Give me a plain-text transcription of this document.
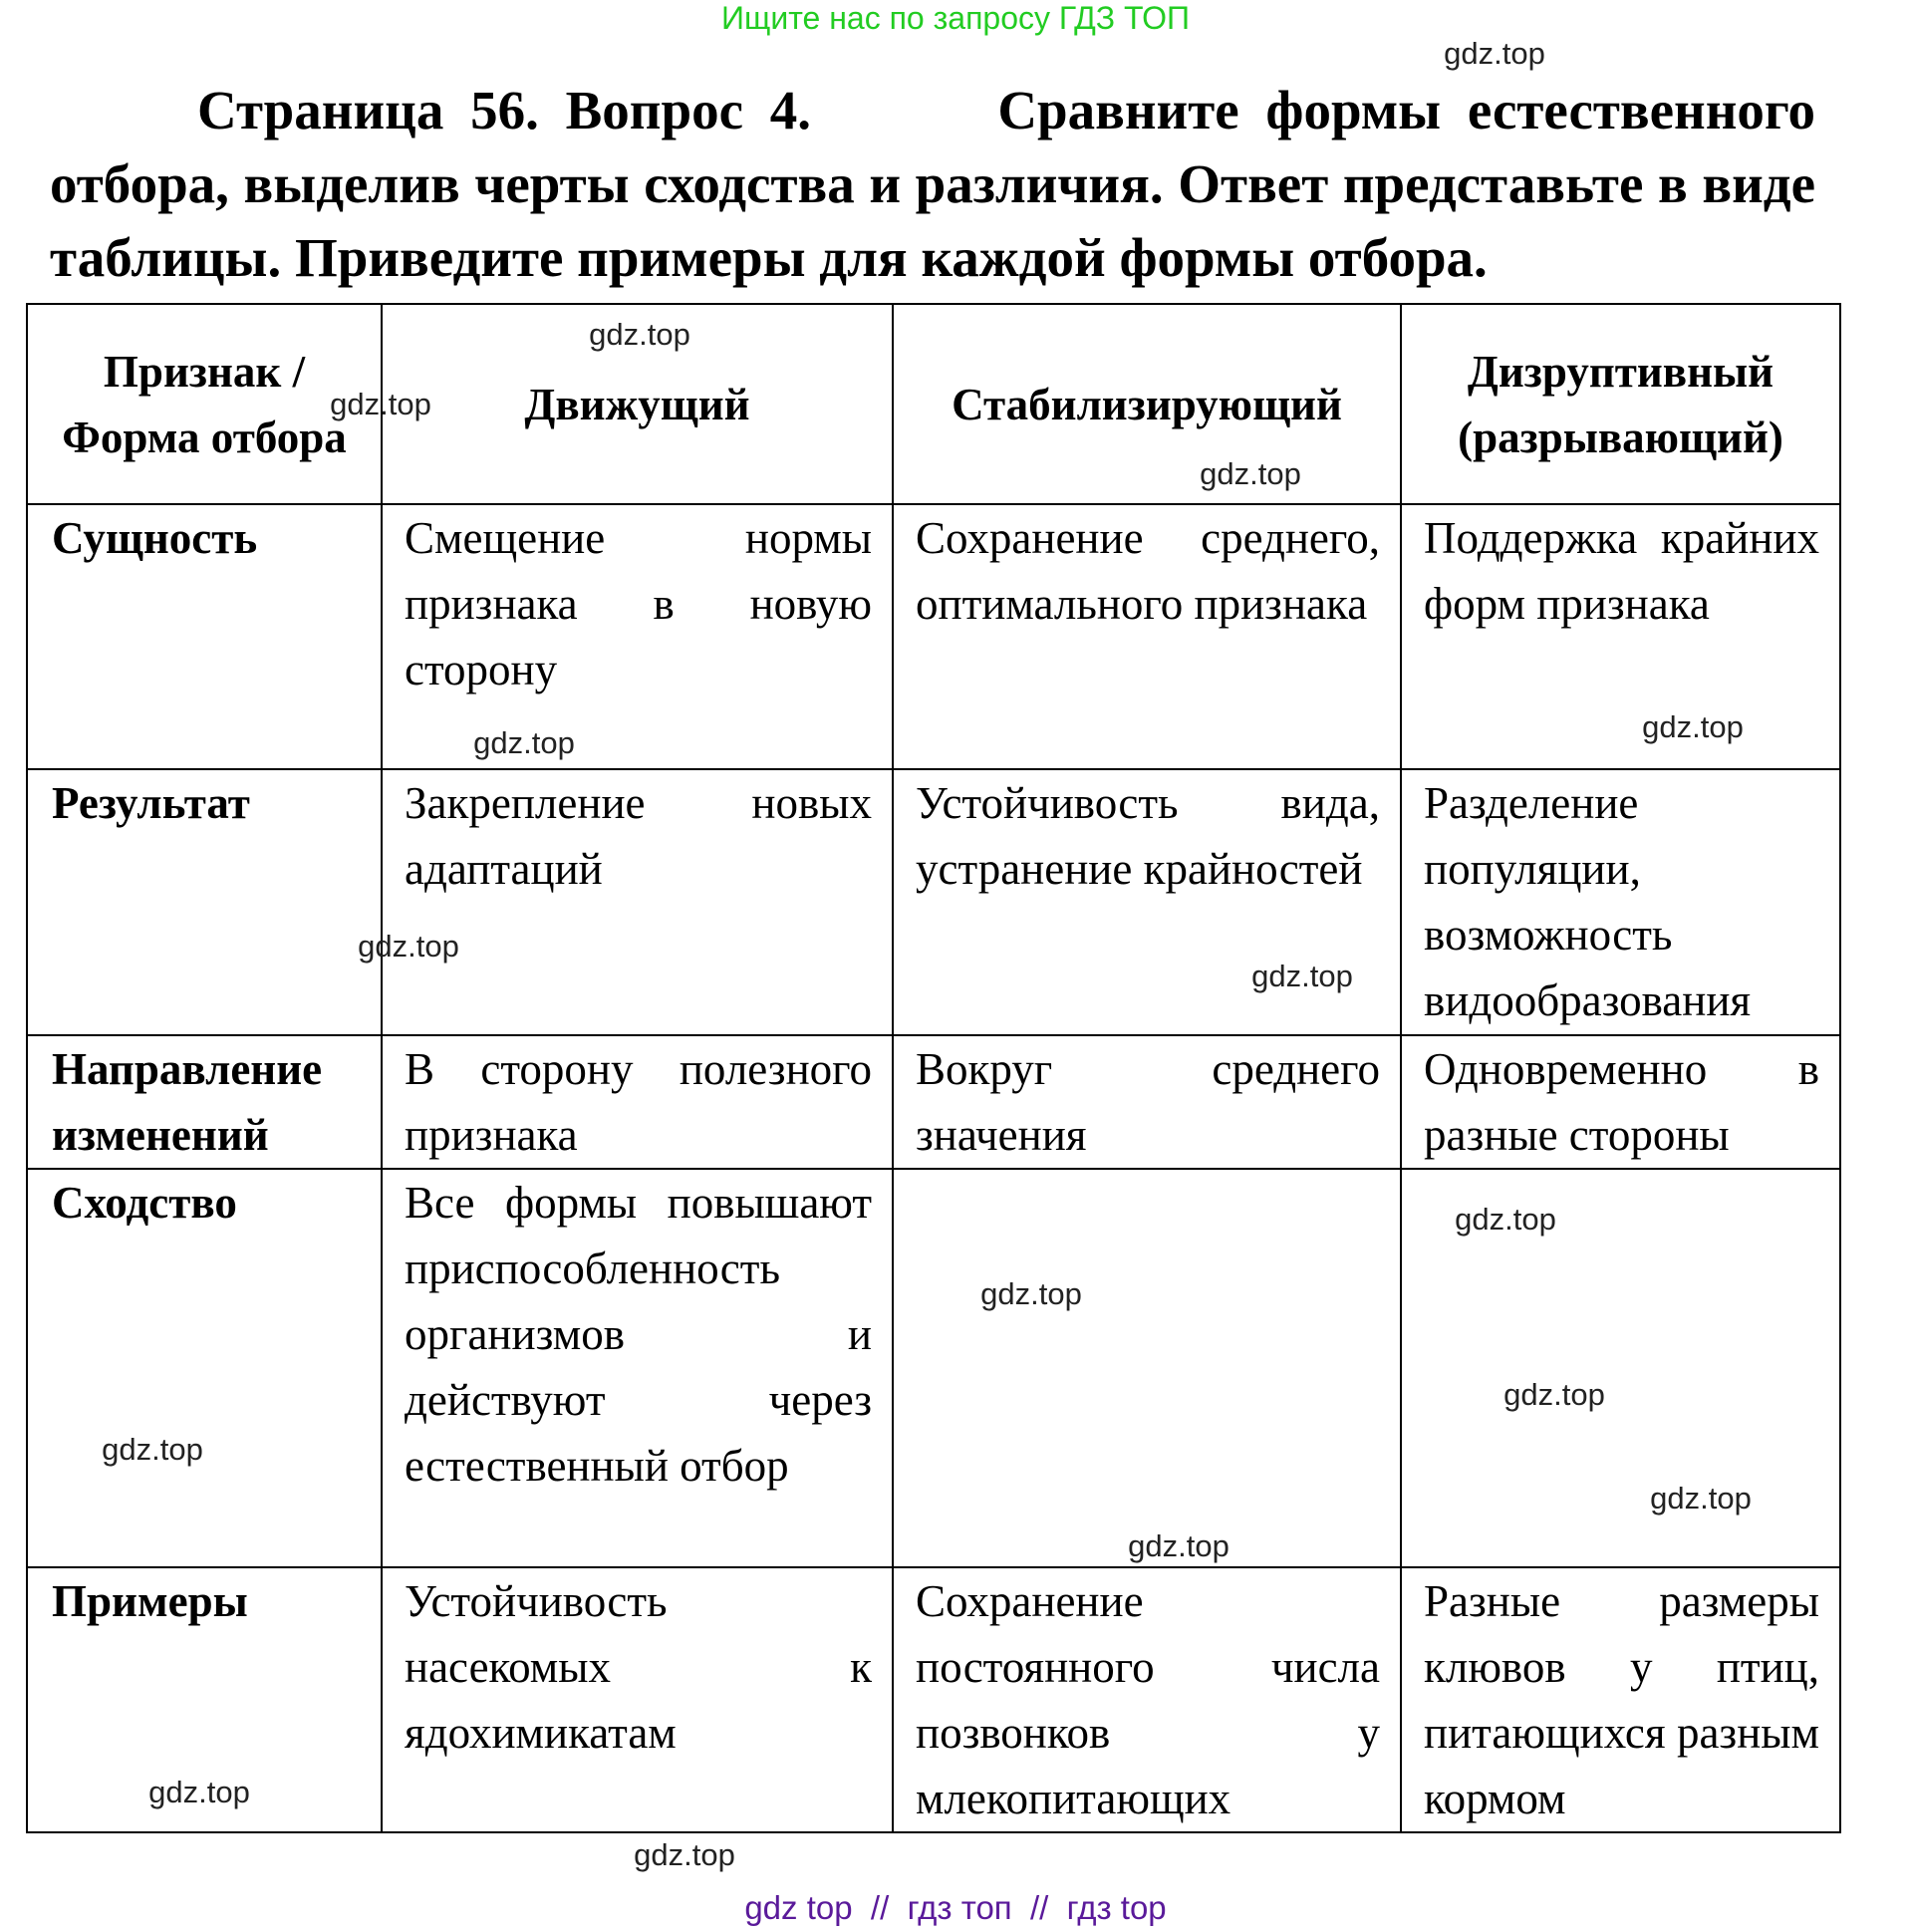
Ищите нас по запросу ГДЗ ТОП
Страница 56. Вопрос 4.	Сравните формы естественного отбора, выделив черты сходства и различия. Ответ представьте в виде таблицы. Приведите примеры для каждой формы отбора.
Признак / Форма отбора	Движущий	Стабилизирующий	Дизруптивный (разрывающий)
Сущность	Смещение нормы признака в новую сторону	Сохранение среднего, оптимального признака	Поддержка крайних форм признака
Результат	Закрепление новых адаптаций	Устойчивость вида, устранение крайностей	Разделение популяции, возможность видообразования
Направление изменений	В сторону полезного признака	Вокруг среднего значения	Одновременно в разные стороны
Сходство	Все формы повышают приспособленность организмов и действуют через естественный отбор		
Примеры	Устойчивость насекомых к ядохимикатам	Сохранение постоянного числа позвонков у млекопитающих	Разные размеры клювов у птиц, питающихся разным кормом
gdz.top
gdz.top
gdz.top
gdz.top
gdz.top	gdz.top
gdz.top
gdz.top
gdz.top
gdz.top
gdz.top
gdz.top
gdz.top
gdz.top
gdz.top
gdz.top
gdz top  //  гдз топ  //  гдз top
